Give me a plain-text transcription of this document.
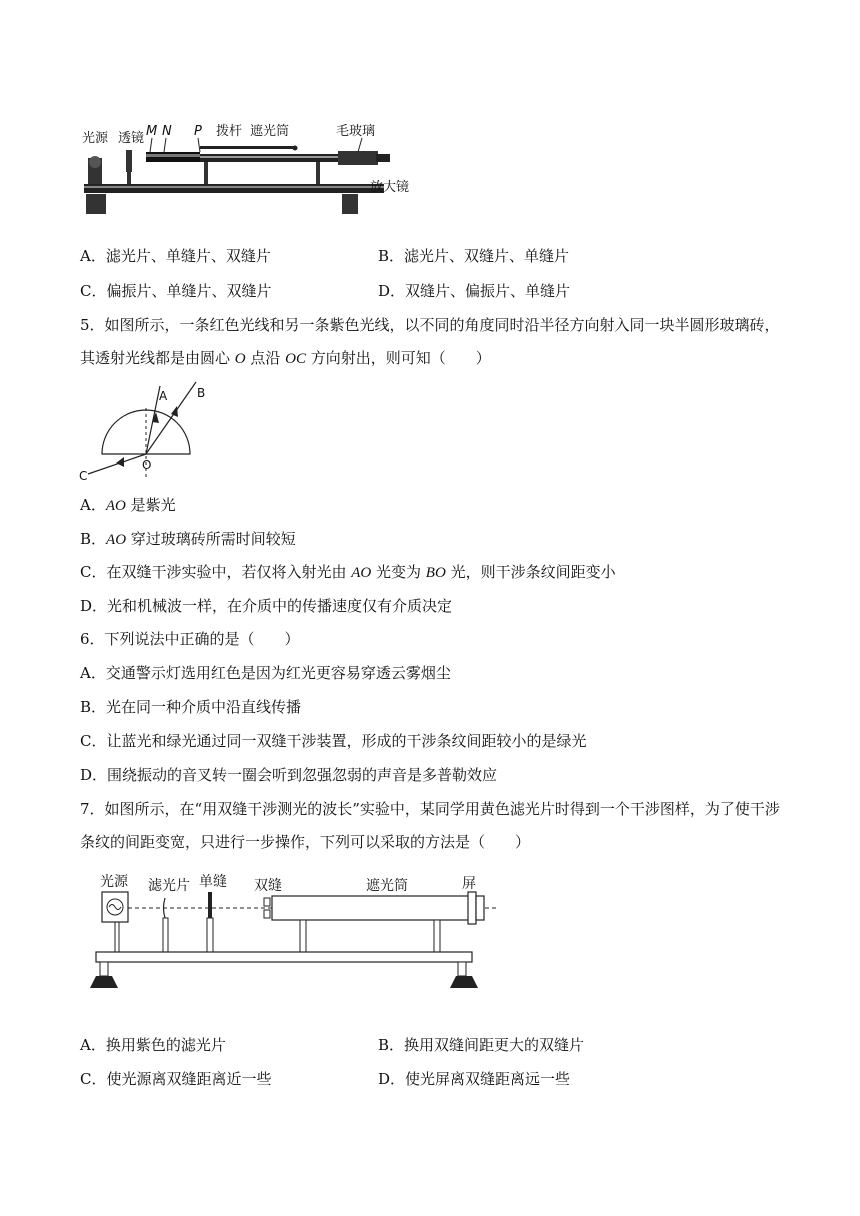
光源 透镜 M N P 拨杆 遮光筒	毛玻璃
放大镜
A．滤光片、单缝片、双缝片	B．滤光片、双缝片、单缝片
C．偏振片、单缝片、双缝片	D．双缝片、偏振片、单缝片
5．如图所示，一条红色光线和另一条紫色光线，以不同的角度同时沿半径方向射入同一块半圆形玻璃砖，
其透射光线都是由圆心 O 点沿 OC 方向射出，则可知（　　）
A B
C
O
A．AO 是紫光
B．AO 穿过玻璃砖所需时间较短
C．在双缝干涉实验中，若仅将入射光由 AO 光变为 BO 光，则干涉条纹间距变小
D．光和机械波一样，在介质中的传播速度仅有介质决定
6．下列说法中正确的是（　　）
A．交通警示灯选用红色是因为红光更容易穿透云雾烟尘
B．光在同一种介质中沿直线传播
C．让蓝光和绿光通过同一双缝干涉装置，形成的干涉条纹间距较小的是绿光
D．围绕振动的音叉转一圈会听到忽强忽弱的声音是多普勒效应
7．如图所示，在“用双缝干涉测光的波长”实验中，某同学用黄色滤光片时得到一个干涉图样，为了使干涉
条纹的间距变宽，只进行一步操作，下列可以采取的方法是（　　）
光源 滤光片 单缝 双缝	遮光筒	屏
A．换用紫色的滤光片	B．换用双缝间距更大的双缝片
C．使光源离双缝距离近一些	D．使光屏离双缝距离远一些
